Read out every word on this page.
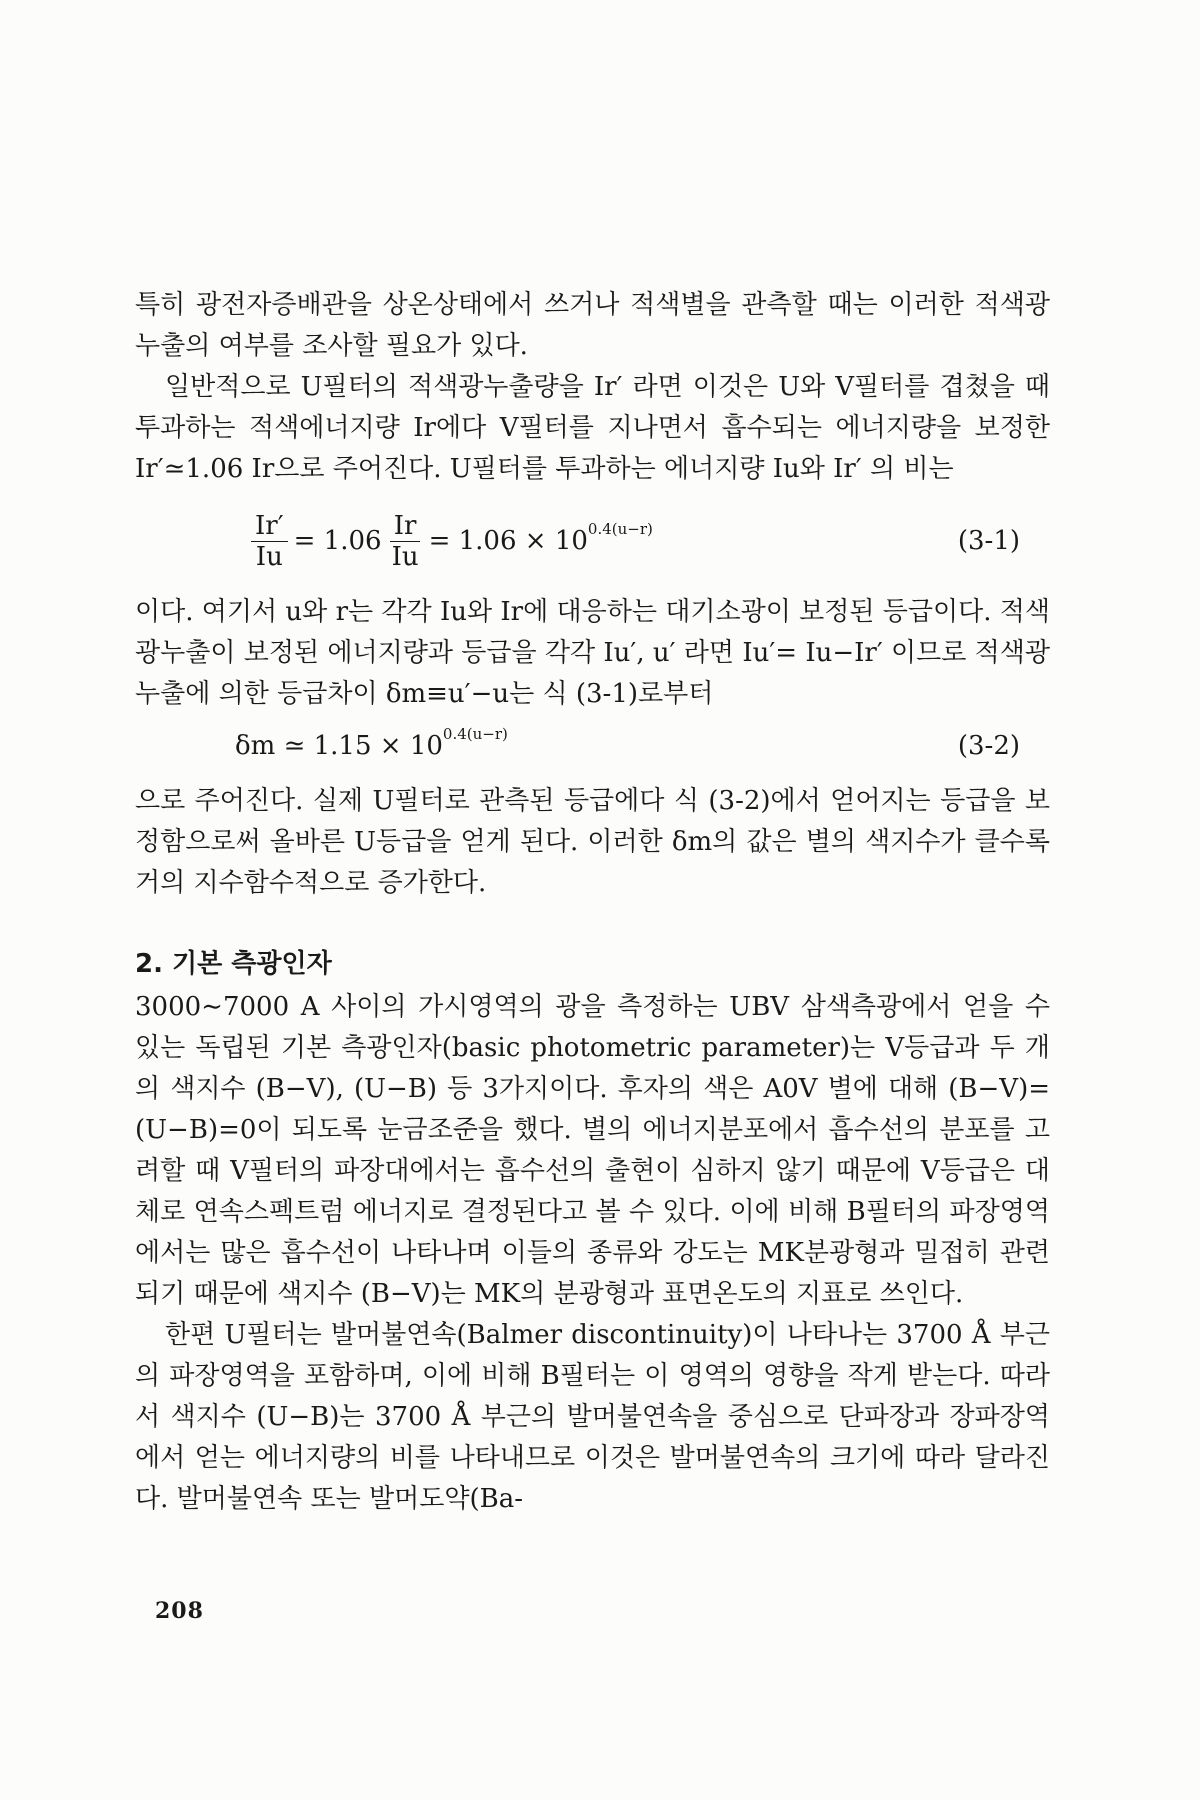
특히 광전자증배관을 상온상태에서 쓰거나 적색별을 관측할 때는 이러한 적색광누출의 여부를 조사할 필요가 있다.

일반적으로 U필터의 적색광누출량을 Ir′ 라면 이것은 U와 V필터를 겹쳤을 때 투과하는 적색에너지량 Ir에다 V필터를 지나면서 흡수되는 에너지량을 보정한 Ir′≃1.06 Ir으로 주어진다. U필터를 투과하는 에너지량 Iu와 Ir′ 의 비는

$\frac{Ir'}{Iu} = 1.06 \frac{Ir}{Iu} = 1.06 \times 10^{0.4(u-r)}$	(3-1)

이다. 여기서 u와 r는 각각 Iu와 Ir에 대응하는 대기소광이 보정된 등급이다. 적색광누출이 보정된 에너지량과 등급을 각각 Iu′, u′ 라면 Iu′= Iu−Ir′ 이므로 적색광누출에 의한 등급차이 δm≡u′−u는 식 (3-1)로부터

δm ≃ $1.15 \times 10^{0.4(u-r)}$	(3-2)

으로 주어진다. 실제 U필터로 관측된 등급에다 식 (3-2)에서 얻어지는 등급을 보정함으로써 올바른 U등급을 얻게 된다. 이러한 δm의 값은 별의 색지수가 클수록 거의 지수함수적으로 증가한다.

2. 기본 측광인자

3000∼7000 A 사이의 가시영역의 광을 측정하는 UBV 삼색측광에서 얻을 수 있는 독립된 기본 측광인자(basic photometric parameter)는 V등급과 두 개의 색지수 (B−V), (U−B) 등 3가지이다. 후자의 색은 A0V 별에 대해 (B−V)=(U−B)=0이 되도록 눈금조준을 했다. 별의 에너지분포에서 흡수선의 분포를 고려할 때 V필터의 파장대에서는 흡수선의 출현이 심하지 않기 때문에 V등급은 대체로 연속스펙트럼 에너지로 결정된다고 볼 수 있다. 이에 비해 B필터의 파장영역에서는 많은 흡수선이 나타나며 이들의 종류와 강도는 MK분광형과 밀접히 관련되기 때문에 색지수 (B−V)는 MK의 분광형과 표면온도의 지표로 쓰인다.

한편 U필터는 발머불연속(Balmer discontinuity)이 나타나는 3700 Å 부근의 파장영역을 포함하며, 이에 비해 B필터는 이 영역의 영향을 작게 받는다. 따라서 색지수 (U−B)는 3700 Å 부근의 발머불연속을 중심으로 단파장과 장파장역에서 얻는 에너지량의 비를 나타내므로 이것은 발머불연속의 크기에 따라 달라진다. 발머불연속 또는 발머도약(Ba-

208
